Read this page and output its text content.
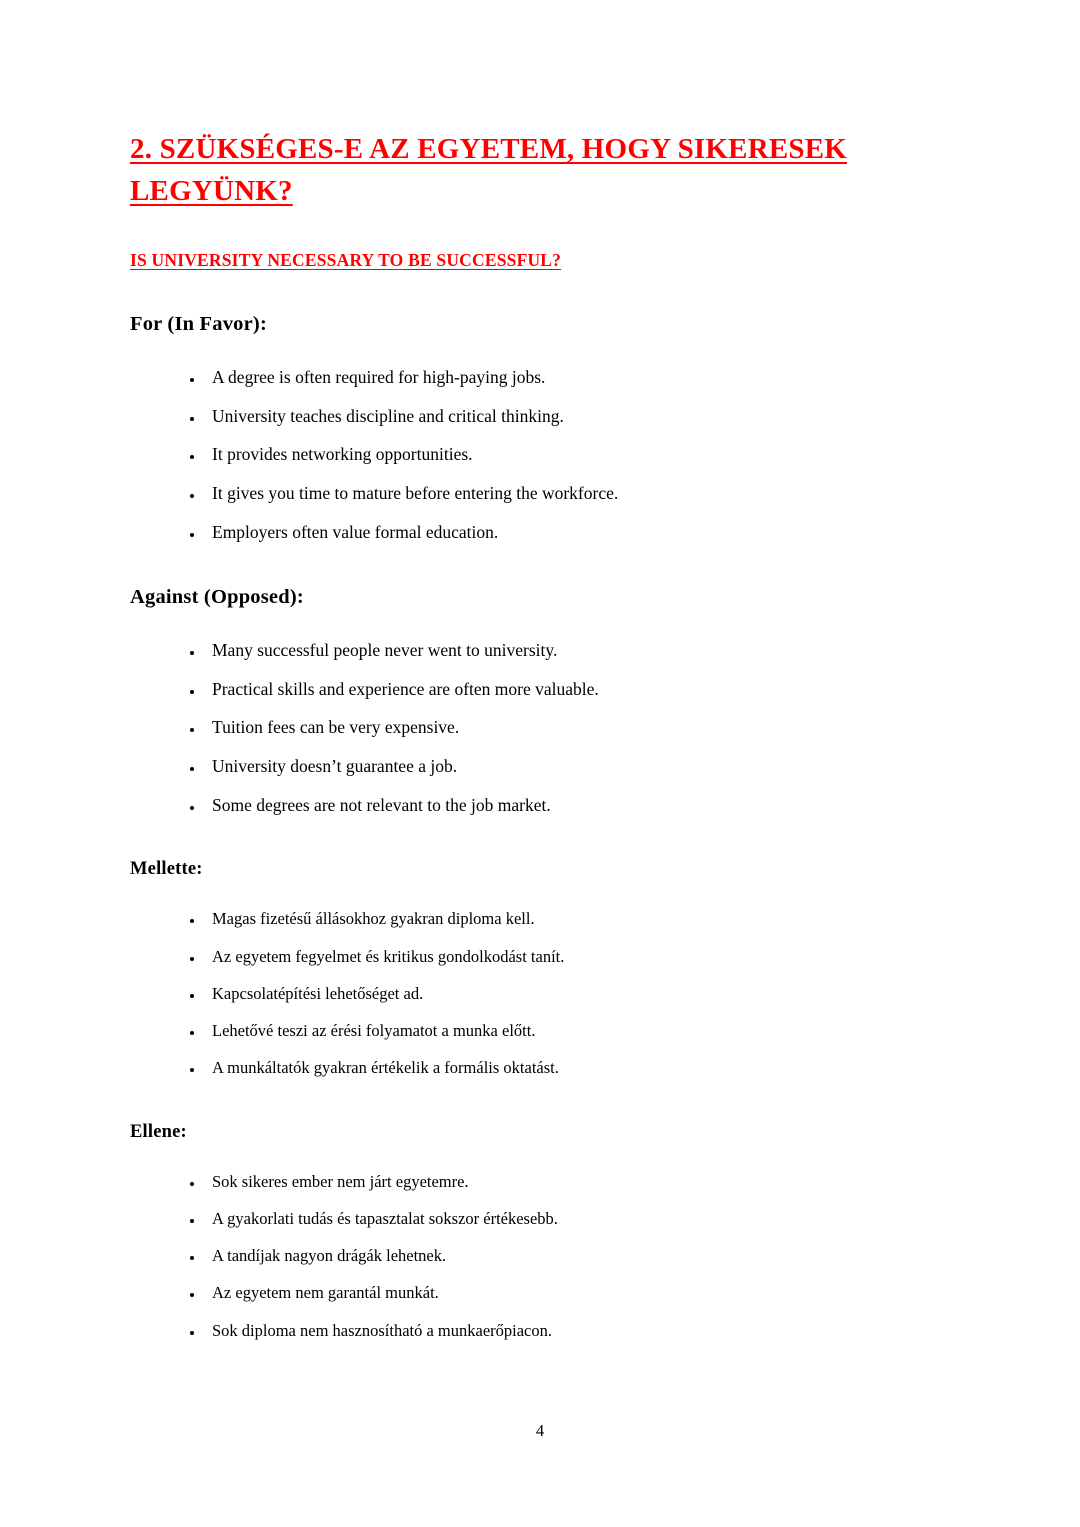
2. SZÜKSÉGES-E AZ EGYETEM, HOGY SIKERESEK LEGYÜNK?
IS UNIVERSITY NECESSARY TO BE SUCCESSFUL?
For (In Favor):
• A degree is often required for high-paying jobs.
• University teaches discipline and critical thinking.
• It provides networking opportunities.
• It gives you time to mature before entering the workforce.
• Employers often value formal education.
Against (Opposed):
• Many successful people never went to university.
• Practical skills and experience are often more valuable.
• Tuition fees can be very expensive.
• University doesn’t guarantee a job.
• Some degrees are not relevant to the job market.
Mellette:
• Magas fizetésű állásokhoz gyakran diploma kell.
• Az egyetem fegyelmet és kritikus gondolkodást tanít.
• Kapcsolatépítési lehetőséget ad.
• Lehetővé teszi az érési folyamatot a munka előtt.
• A munkáltatók gyakran értékelik a formális oktatást.
Ellene:
• Sok sikeres ember nem járt egyetemre.
• A gyakorlati tudás és tapasztalat sokszor értékesebb.
• A tandíjak nagyon drágák lehetnek.
• Az egyetem nem garantál munkát.
• Sok diploma nem hasznosítható a munkaerőpiacon.
4
